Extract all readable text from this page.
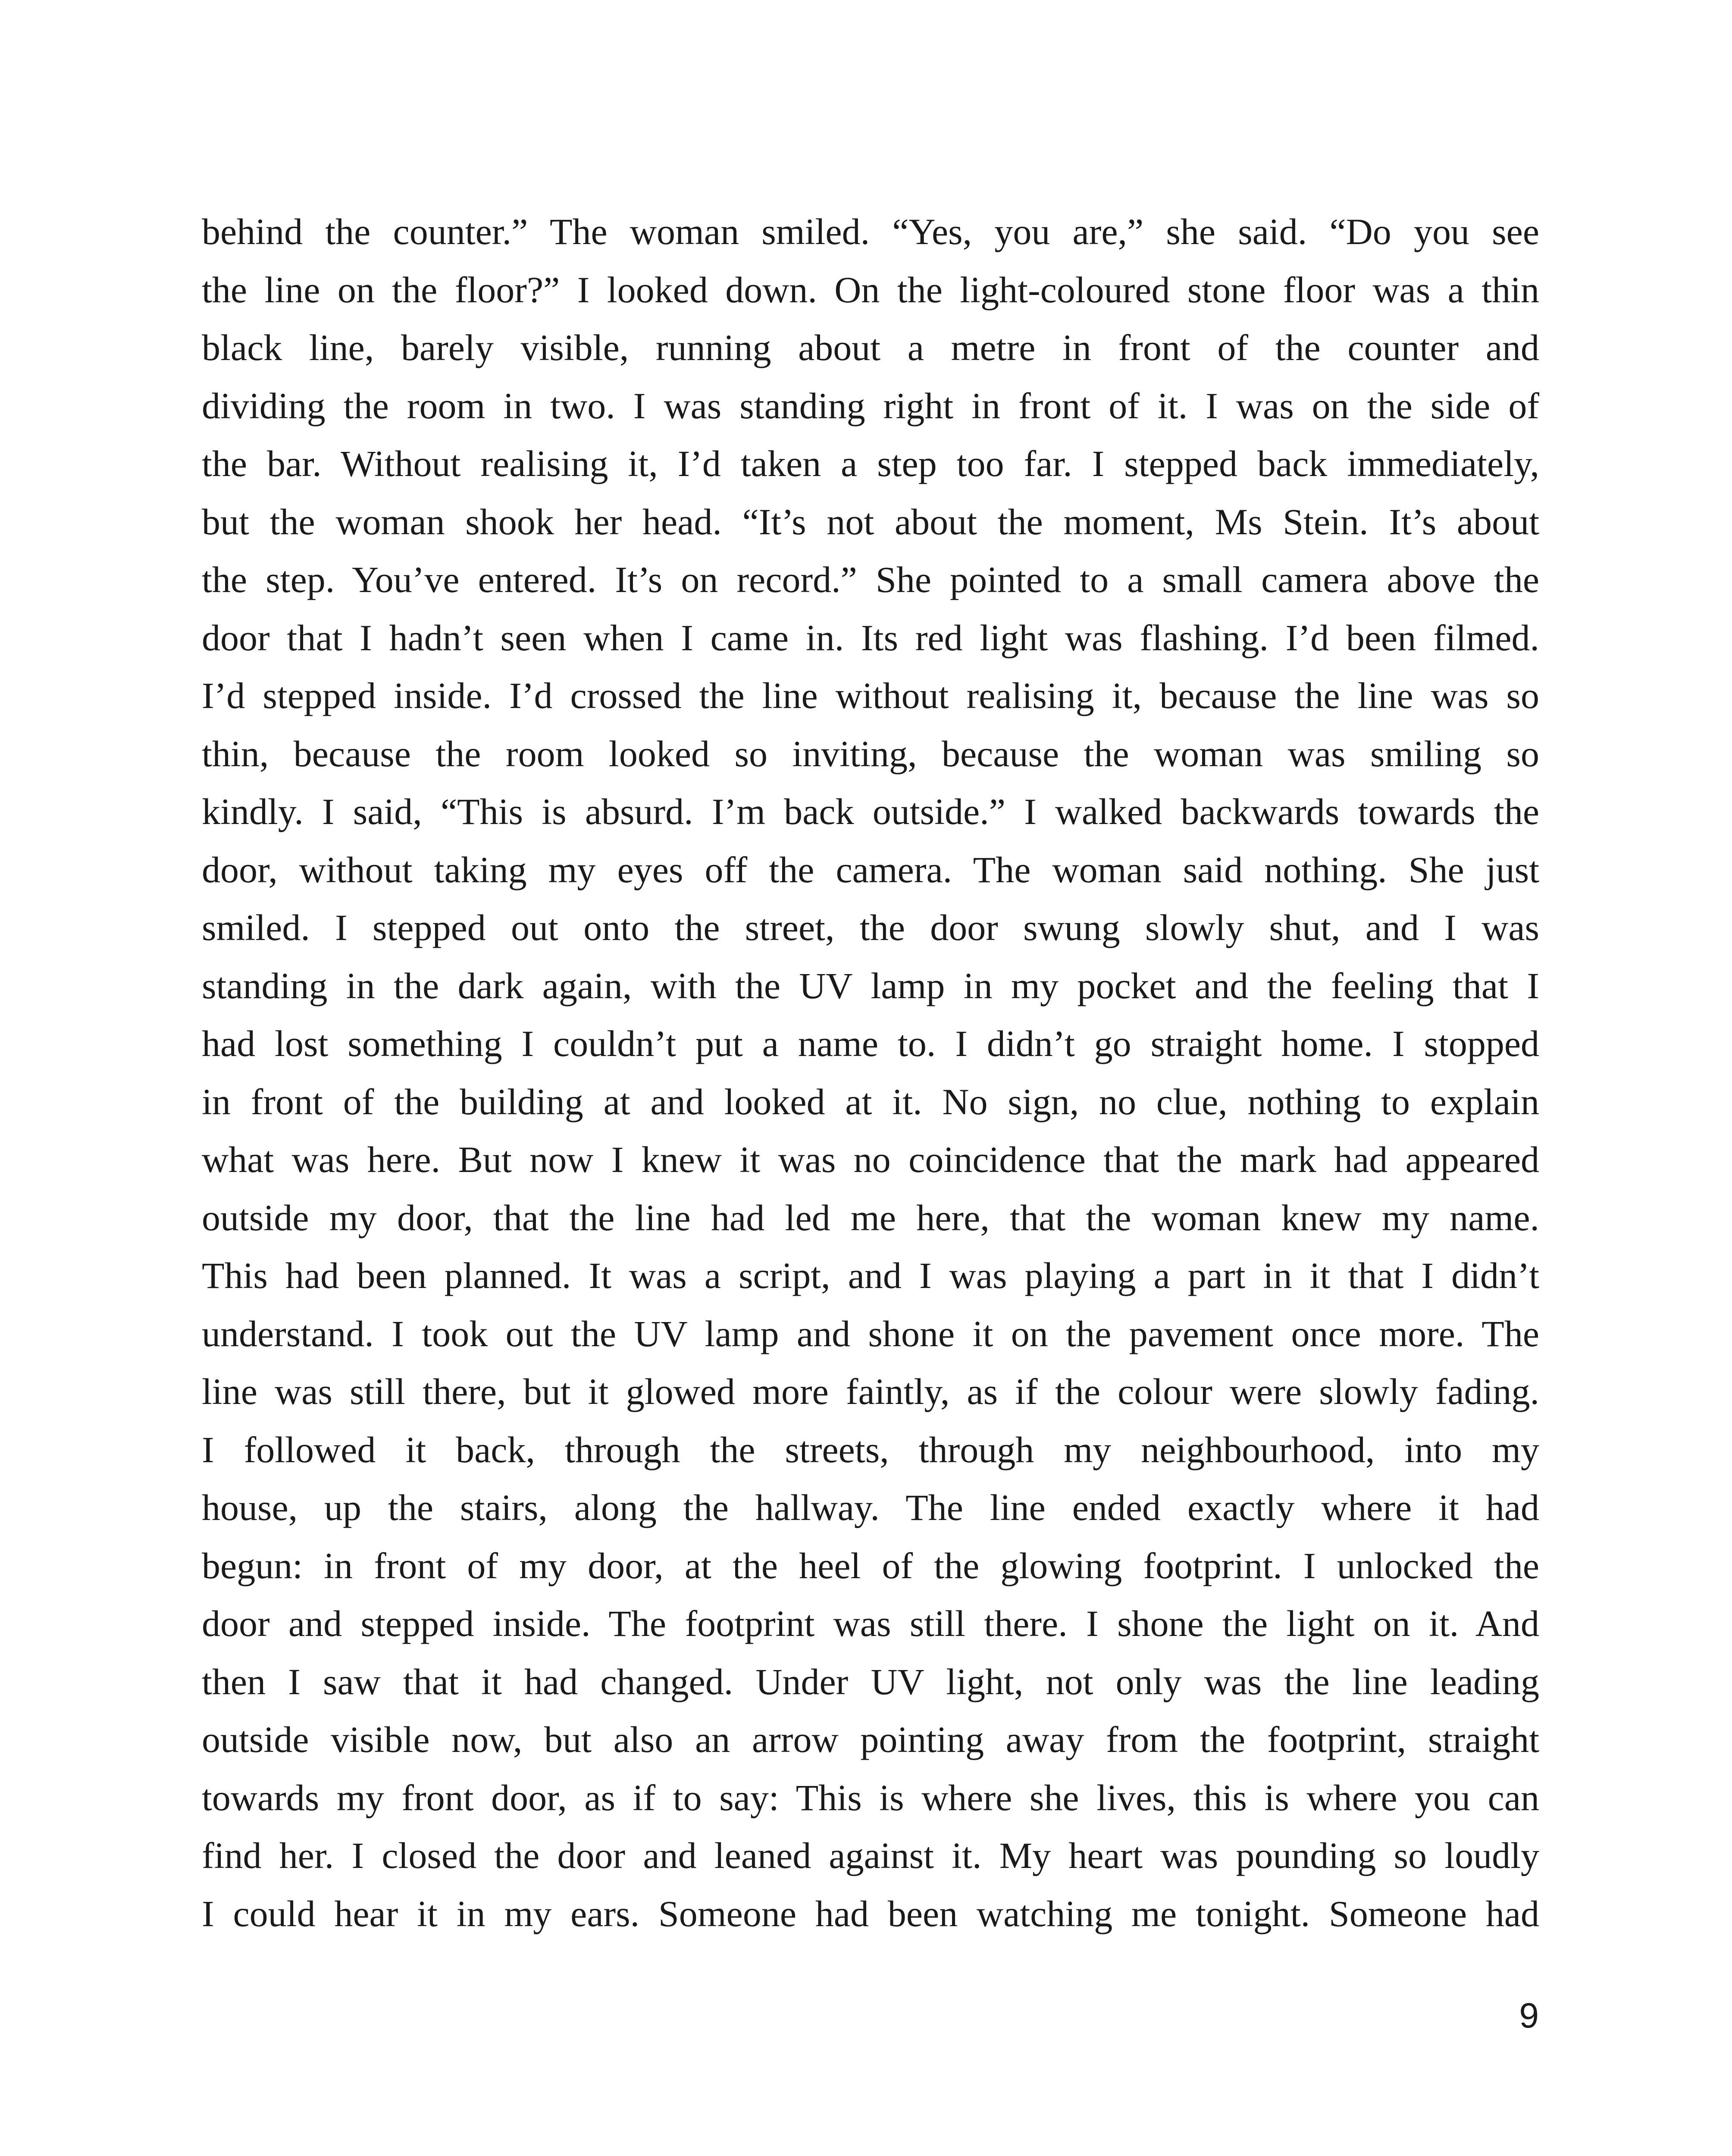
behind the counter.” The woman smiled. “Yes, you are,” she said. “Do you see
the line on the floor?” I looked down. On the light-coloured stone floor was a thin
black line, barely visible, running about a metre in front of the counter and
dividing the room in two. I was standing right in front of it. I was on the side of
the bar. Without realising it, I’d taken a step too far. I stepped back immediately,
but the woman shook her head. “It’s not about the moment, Ms Stein. It’s about
the step. You’ve entered. It’s on record.” She pointed to a small camera above the
door that I hadn’t seen when I came in. Its red light was flashing. I’d been filmed.
I’d stepped inside. I’d crossed the line without realising it, because the line was so
thin, because the room looked so inviting, because the woman was smiling so
kindly. I said, “This is absurd. I’m back outside.” I walked backwards towards the
door, without taking my eyes off the camera. The woman said nothing. She just
smiled. I stepped out onto the street, the door swung slowly shut, and I was
standing in the dark again, with the UV lamp in my pocket and the feeling that I
had lost something I couldn’t put a name to. I didn’t go straight home. I stopped
in front of the building at and looked at it. No sign, no clue, nothing to explain
what was here. But now I knew it was no coincidence that the mark had appeared
outside my door, that the line had led me here, that the woman knew my name.
This had been planned. It was a script, and I was playing a part in it that I didn’t
understand. I took out the UV lamp and shone it on the pavement once more. The
line was still there, but it glowed more faintly, as if the colour were slowly fading.
I followed it back, through the streets, through my neighbourhood, into my
house, up the stairs, along the hallway. The line ended exactly where it had
begun: in front of my door, at the heel of the glowing footprint. I unlocked the
door and stepped inside. The footprint was still there. I shone the light on it. And
then I saw that it had changed. Under UV light, not only was the line leading
outside visible now, but also an arrow pointing away from the footprint, straight
towards my front door, as if to say: This is where she lives, this is where you can
find her. I closed the door and leaned against it. My heart was pounding so loudly
I could hear it in my ears. Someone had been watching me tonight. Someone had
9
